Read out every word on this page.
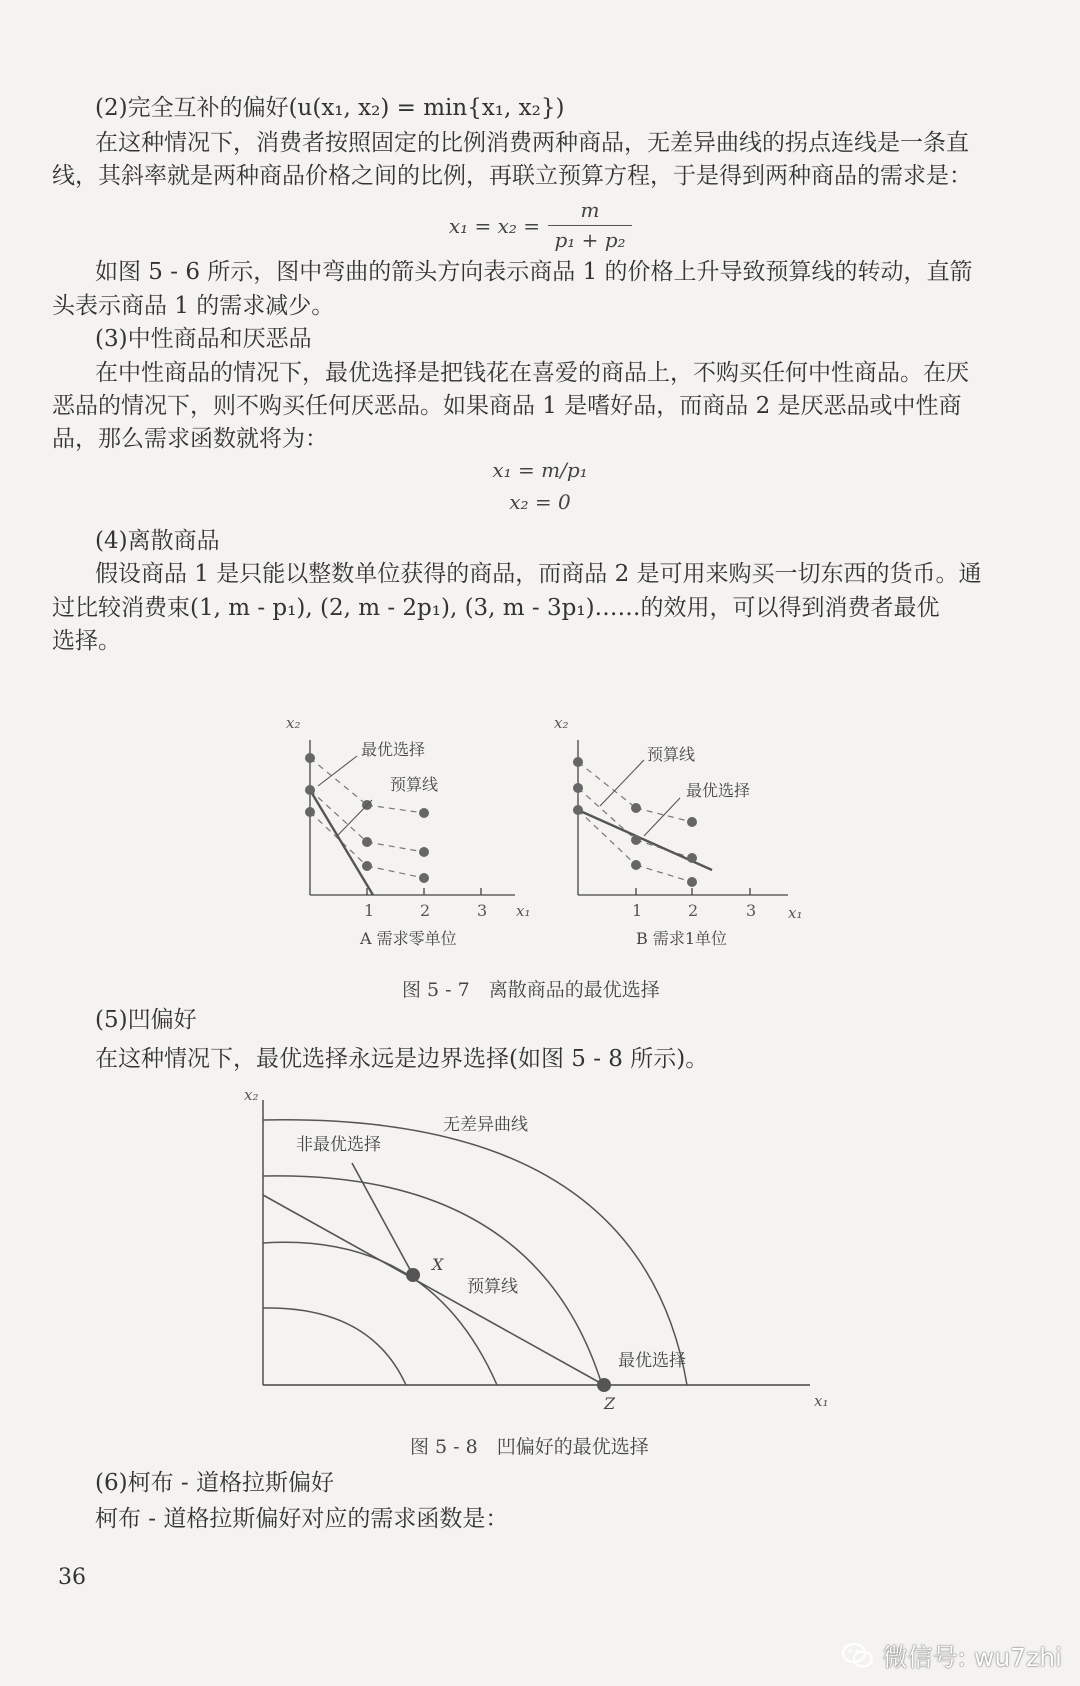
(2)完全互补的偏好(u(x₁, x₂) = min{x₁, x₂})
在这种情况下，消费者按照固定的比例消费两种商品，无差异曲线的拐点连线是一条直
线，其斜率就是两种商品价格之间的比例，再联立预算方程，于是得到两种商品的需求是：
x₁ = x₂ =
m
p₁ + p₂
如图 5 - 6 所示，图中弯曲的箭头方向表示商品 1 的价格上升导致预算线的转动，直箭
头表示商品 1 的需求减少。
(3)中性商品和厌恶品
在中性商品的情况下，最优选择是把钱花在喜爱的商品上，不购买任何中性商品。在厌
恶品的情况下，则不购买任何厌恶品。如果商品 1 是嗜好品，而商品 2 是厌恶品或中性商
品，那么需求函数就将为：
x₁ = m/p₁
x₂ = 0
(4)离散商品
假设商品 1 是只能以整数单位获得的商品，而商品 2 是可用来购买一切东西的货币。通
过比较消费束(1, m - p₁), (2, m - 2p₁), (3, m - 3p₁)……的效用，可以得到消费者最优
选择。
x₂
x₁
1	2	3
最优选择
预算线
A 需求零单位
x₂
x₁
1	2	3
预算线
最优选择
B 需求1单位
图 5 - 7　离散商品的最优选择
(5)凹偏好
在这种情况下，最优选择永远是边界选择(如图 5 - 8 所示)。
x₂
x₁
无差异曲线
非最优选择
X
预算线
最优选择
Z
图 5 - 8　凹偏好的最优选择
(6)柯布 - 道格拉斯偏好
柯布 - 道格拉斯偏好对应的需求函数是：
36
微信号: wu7zhi
